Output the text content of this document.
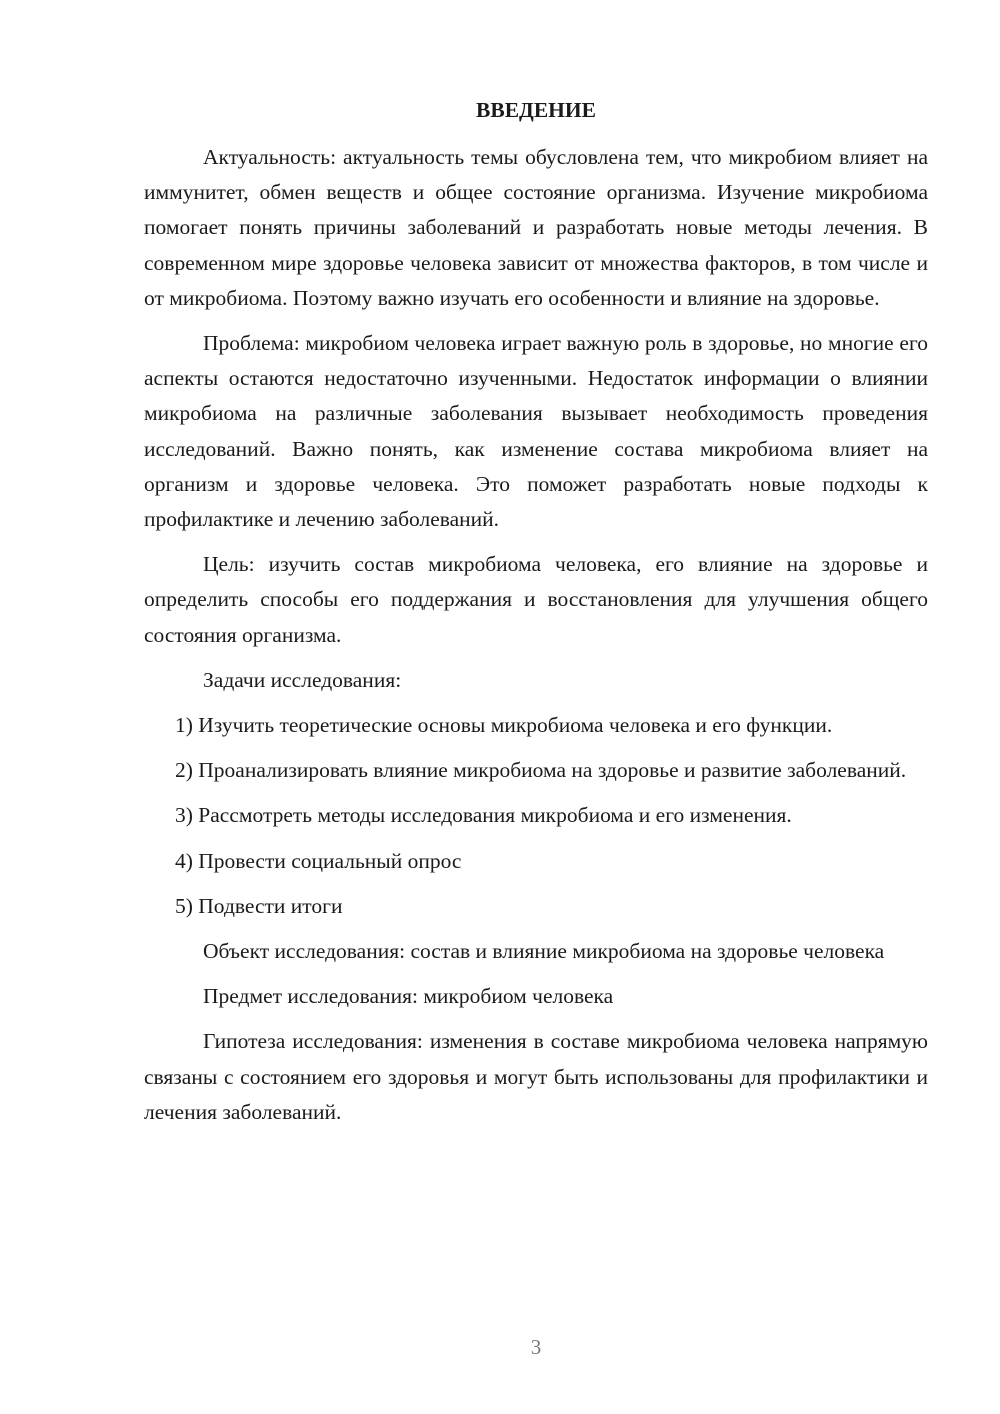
ВВЕДЕНИЕ

Актуальность: актуальность темы обусловлена тем, что микробиом влияет на иммунитет, обмен веществ и общее состояние организма. Изучение микробиома помогает понять причины заболеваний и разработать новые методы лечения. В современном мире здоровье человека зависит от множества факторов, в том числе и от микробиома. Поэтому важно изучать его особенности и влияние на здоровье.

Проблема: микробиом человека играет важную роль в здоровье, но многие его аспекты остаются недостаточно изученными. Недостаток информации о влиянии микробиома на различные заболевания вызывает необходимость проведения исследований. Важно понять, как изменение состава микробиома влияет на организм и здоровье человека. Это поможет разработать новые подходы к профилактике и лечению заболеваний.

Цель: изучить состав микробиома человека, его влияние на здоровье и определить способы его поддержания и восстановления для улучшения общего состояния организма.

Задачи исследования:

1) Изучить теоретические основы микробиома человека и его функции.

2) Проанализировать влияние микробиома на здоровье и развитие заболеваний.

3) Рассмотреть методы исследования микробиома и его изменения.

4) Провести социальный опрос

5) Подвести итоги

Объект исследования: состав и влияние микробиома на здоровье человека

Предмет исследования: микробиом человека

Гипотеза исследования: изменения в составе микробиома человека напрямую связаны с состоянием его здоровья и могут быть использованы для профилактики и лечения заболеваний.

3
